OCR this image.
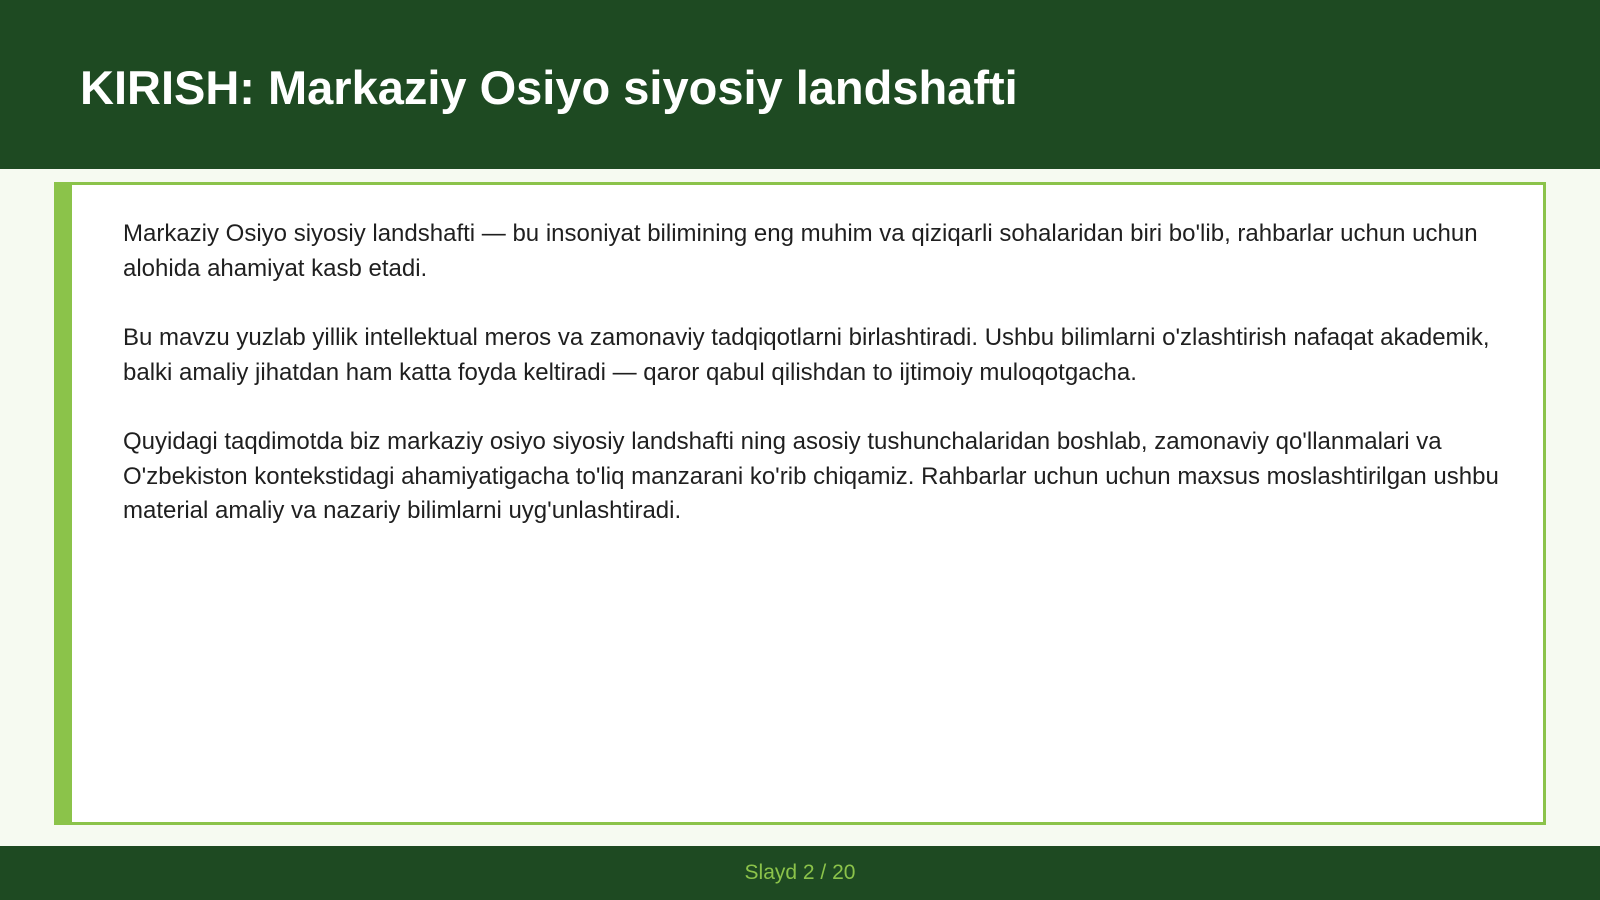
KIRISH: Markaziy Osiyo siyosiy landshafti

Markaziy Osiyo siyosiy landshafti — bu insoniyat bilimining eng muhim va qiziqarli sohalaridan biri bo'lib, rahbarlar uchun uchun alohida ahamiyat kasb etadi.

Bu mavzu yuzlab yillik intellektual meros va zamonaviy tadqiqotlarni birlashtiradi. Ushbu bilimlarni o'zlashtirish nafaqat akademik, balki amaliy jihatdan ham katta foyda keltiradi — qaror qabul qilishdan to ijtimoiy muloqotgacha.

Quyidagi taqdimotda biz markaziy osiyo siyosiy landshafti ning asosiy tushunchalaridan boshlab, zamonaviy qo'llanmalari va O'zbekiston kontekstidagi ahamiyatigacha to'liq manzarani ko'rib chiqamiz. Rahbarlar uchun uchun maxsus moslashtirilgan ushbu material amaliy va nazariy bilimlarni uyg'unlashtiradi.

Slayd 2 / 20
